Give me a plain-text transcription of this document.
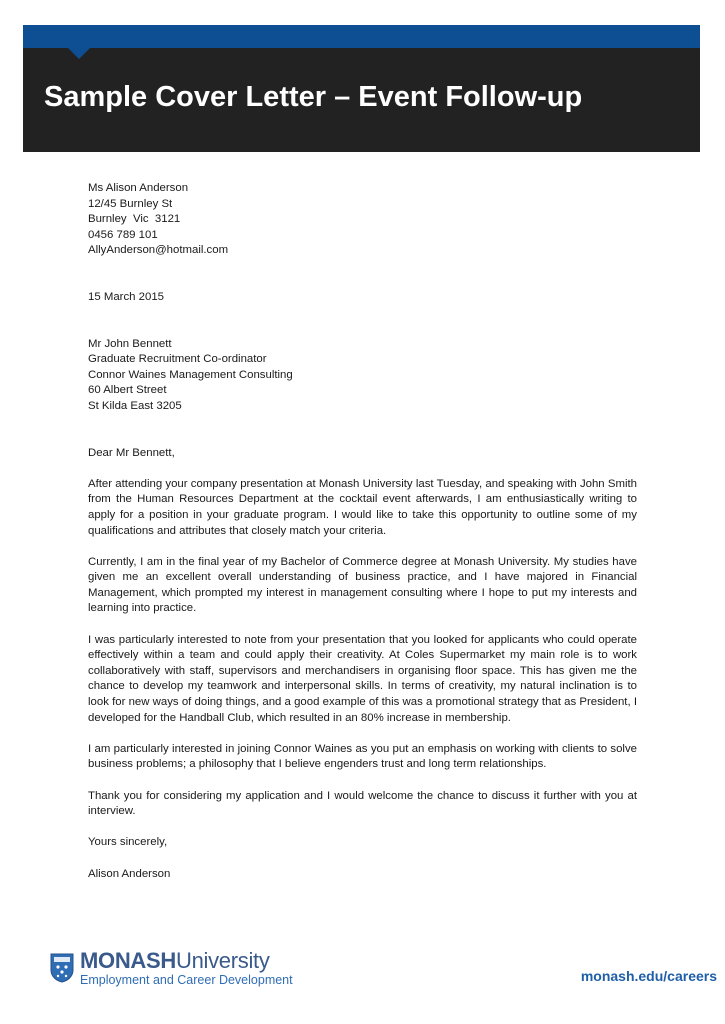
Sample Cover Letter – Event Follow-up
Ms Alison Anderson
12/45 Burnley St
Burnley  Vic  3121
0456 789 101
AllyAnderson@hotmail.com
15 March 2015
Mr John Bennett
Graduate Recruitment Co-ordinator
Connor Waines Management Consulting
60 Albert Street
St Kilda East 3205
Dear Mr Bennett,

After attending your company presentation at Monash University last Tuesday, and speaking with John Smith from the Human Resources Department at the cocktail event afterwards, I am enthusiastically writing to apply for a position in your graduate program. I would like to take this opportunity to outline some of my qualifications and attributes that closely match your criteria.

Currently, I am in the final year of my Bachelor of Commerce degree at Monash University. My studies have given me an excellent overall understanding of business practice, and I have majored in Financial Management, which prompted my interest in management consulting where I hope to put my interests and learning into practice.

I was particularly interested to note from your presentation that you looked for applicants who could operate effectively within a team and could apply their creativity. At Coles Supermarket my main role is to work collaboratively with staff, supervisors and merchandisers in organising floor space. This has given me the chance to develop my teamwork and interpersonal skills. In terms of creativity, my natural inclination is to look for new ways of doing things, and a good example of this was a promotional strategy that as President, I developed for the Handball Club, which resulted in an 80% increase in membership.

I am particularly interested in joining Connor Waines as you put an emphasis on working with clients to solve business problems; a philosophy that I believe engenders trust and long term relationships.

Thank you for considering my application and I would welcome the chance to discuss it further with you at interview.

Yours sincerely,
Alison Anderson
MONASHUniversity
Employment and Career Development	monash.edu/careers
